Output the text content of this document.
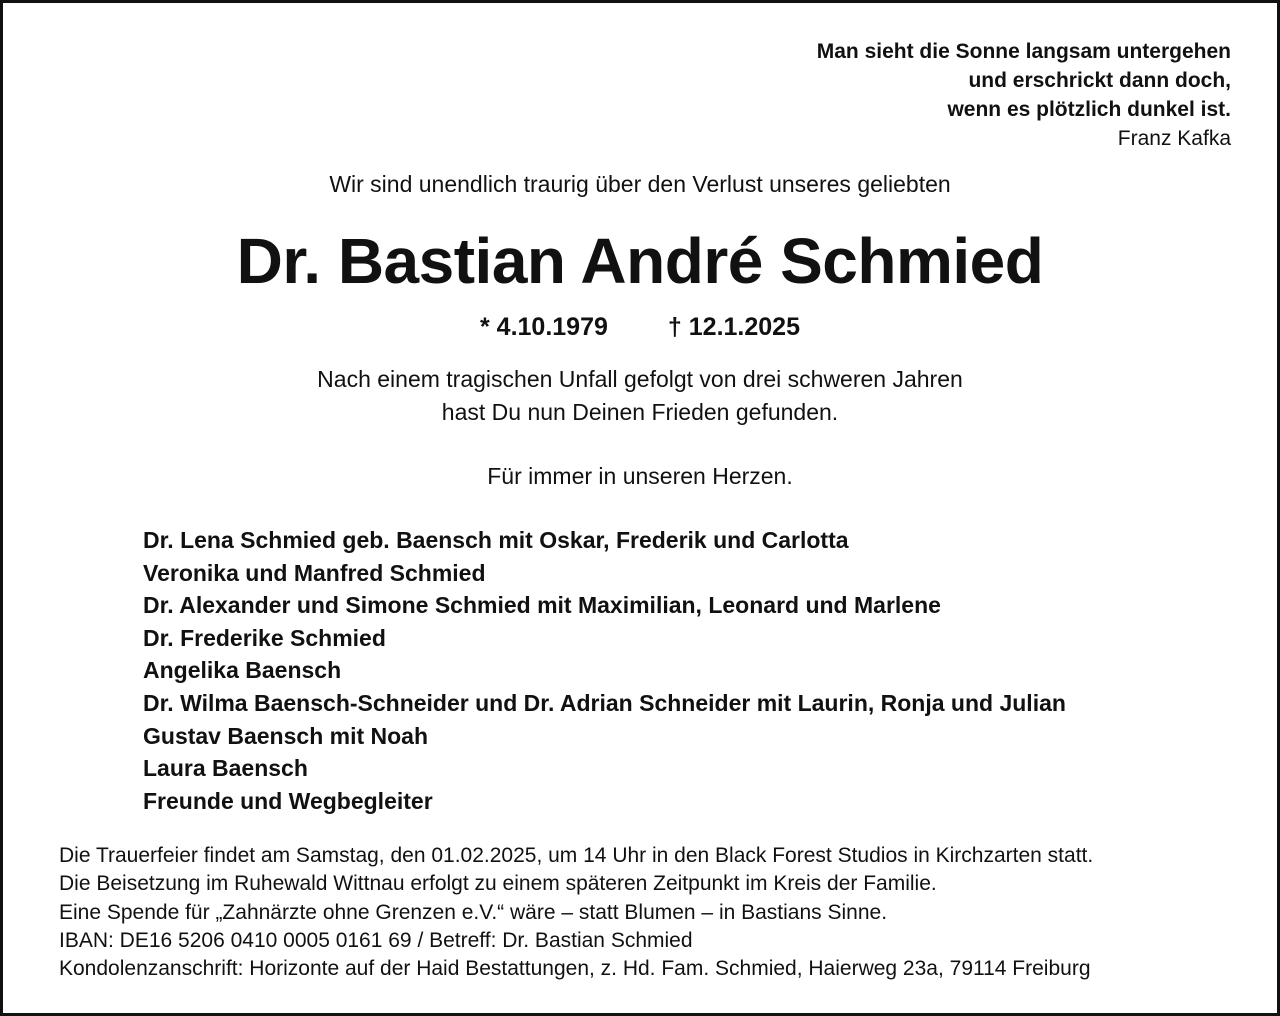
Man sieht die Sonne langsam untergehen
und erschrickt dann doch,
wenn es plötzlich dunkel ist.
Franz Kafka
Wir sind unendlich traurig über den Verlust unseres geliebten
Dr. Bastian André Schmied
* 4.10.1979 † 12.1.2025
Nach einem tragischen Unfall gefolgt von drei schweren Jahren
hast Du nun Deinen Frieden gefunden.
Für immer in unseren Herzen.
Dr. Lena Schmied geb. Baensch mit Oskar, Frederik und Carlotta
Veronika und Manfred Schmied
Dr. Alexander und Simone Schmied mit Maximilian, Leonard und Marlene
Dr. Frederike Schmied
Angelika Baensch
Dr. Wilma Baensch-Schneider und Dr. Adrian Schneider mit Laurin, Ronja und Julian
Gustav Baensch mit Noah
Laura Baensch
Freunde und Wegbegleiter
Die Trauerfeier findet am Samstag, den 01.02.2025, um 14 Uhr in den Black Forest Studios in Kirchzarten statt.
Die Beisetzung im Ruhewald Wittnau erfolgt zu einem späteren Zeitpunkt im Kreis der Familie.
Eine Spende für „Zahnärzte ohne Grenzen e.V.“ wäre – statt Blumen – in Bastians Sinne.
IBAN: DE16 5206 0410 0005 0161 69 / Betreff: Dr. Bastian Schmied
Kondolenzanschrift: Horizonte auf der Haid Bestattungen, z. Hd. Fam. Schmied, Haierweg 23a, 79114 Freiburg
